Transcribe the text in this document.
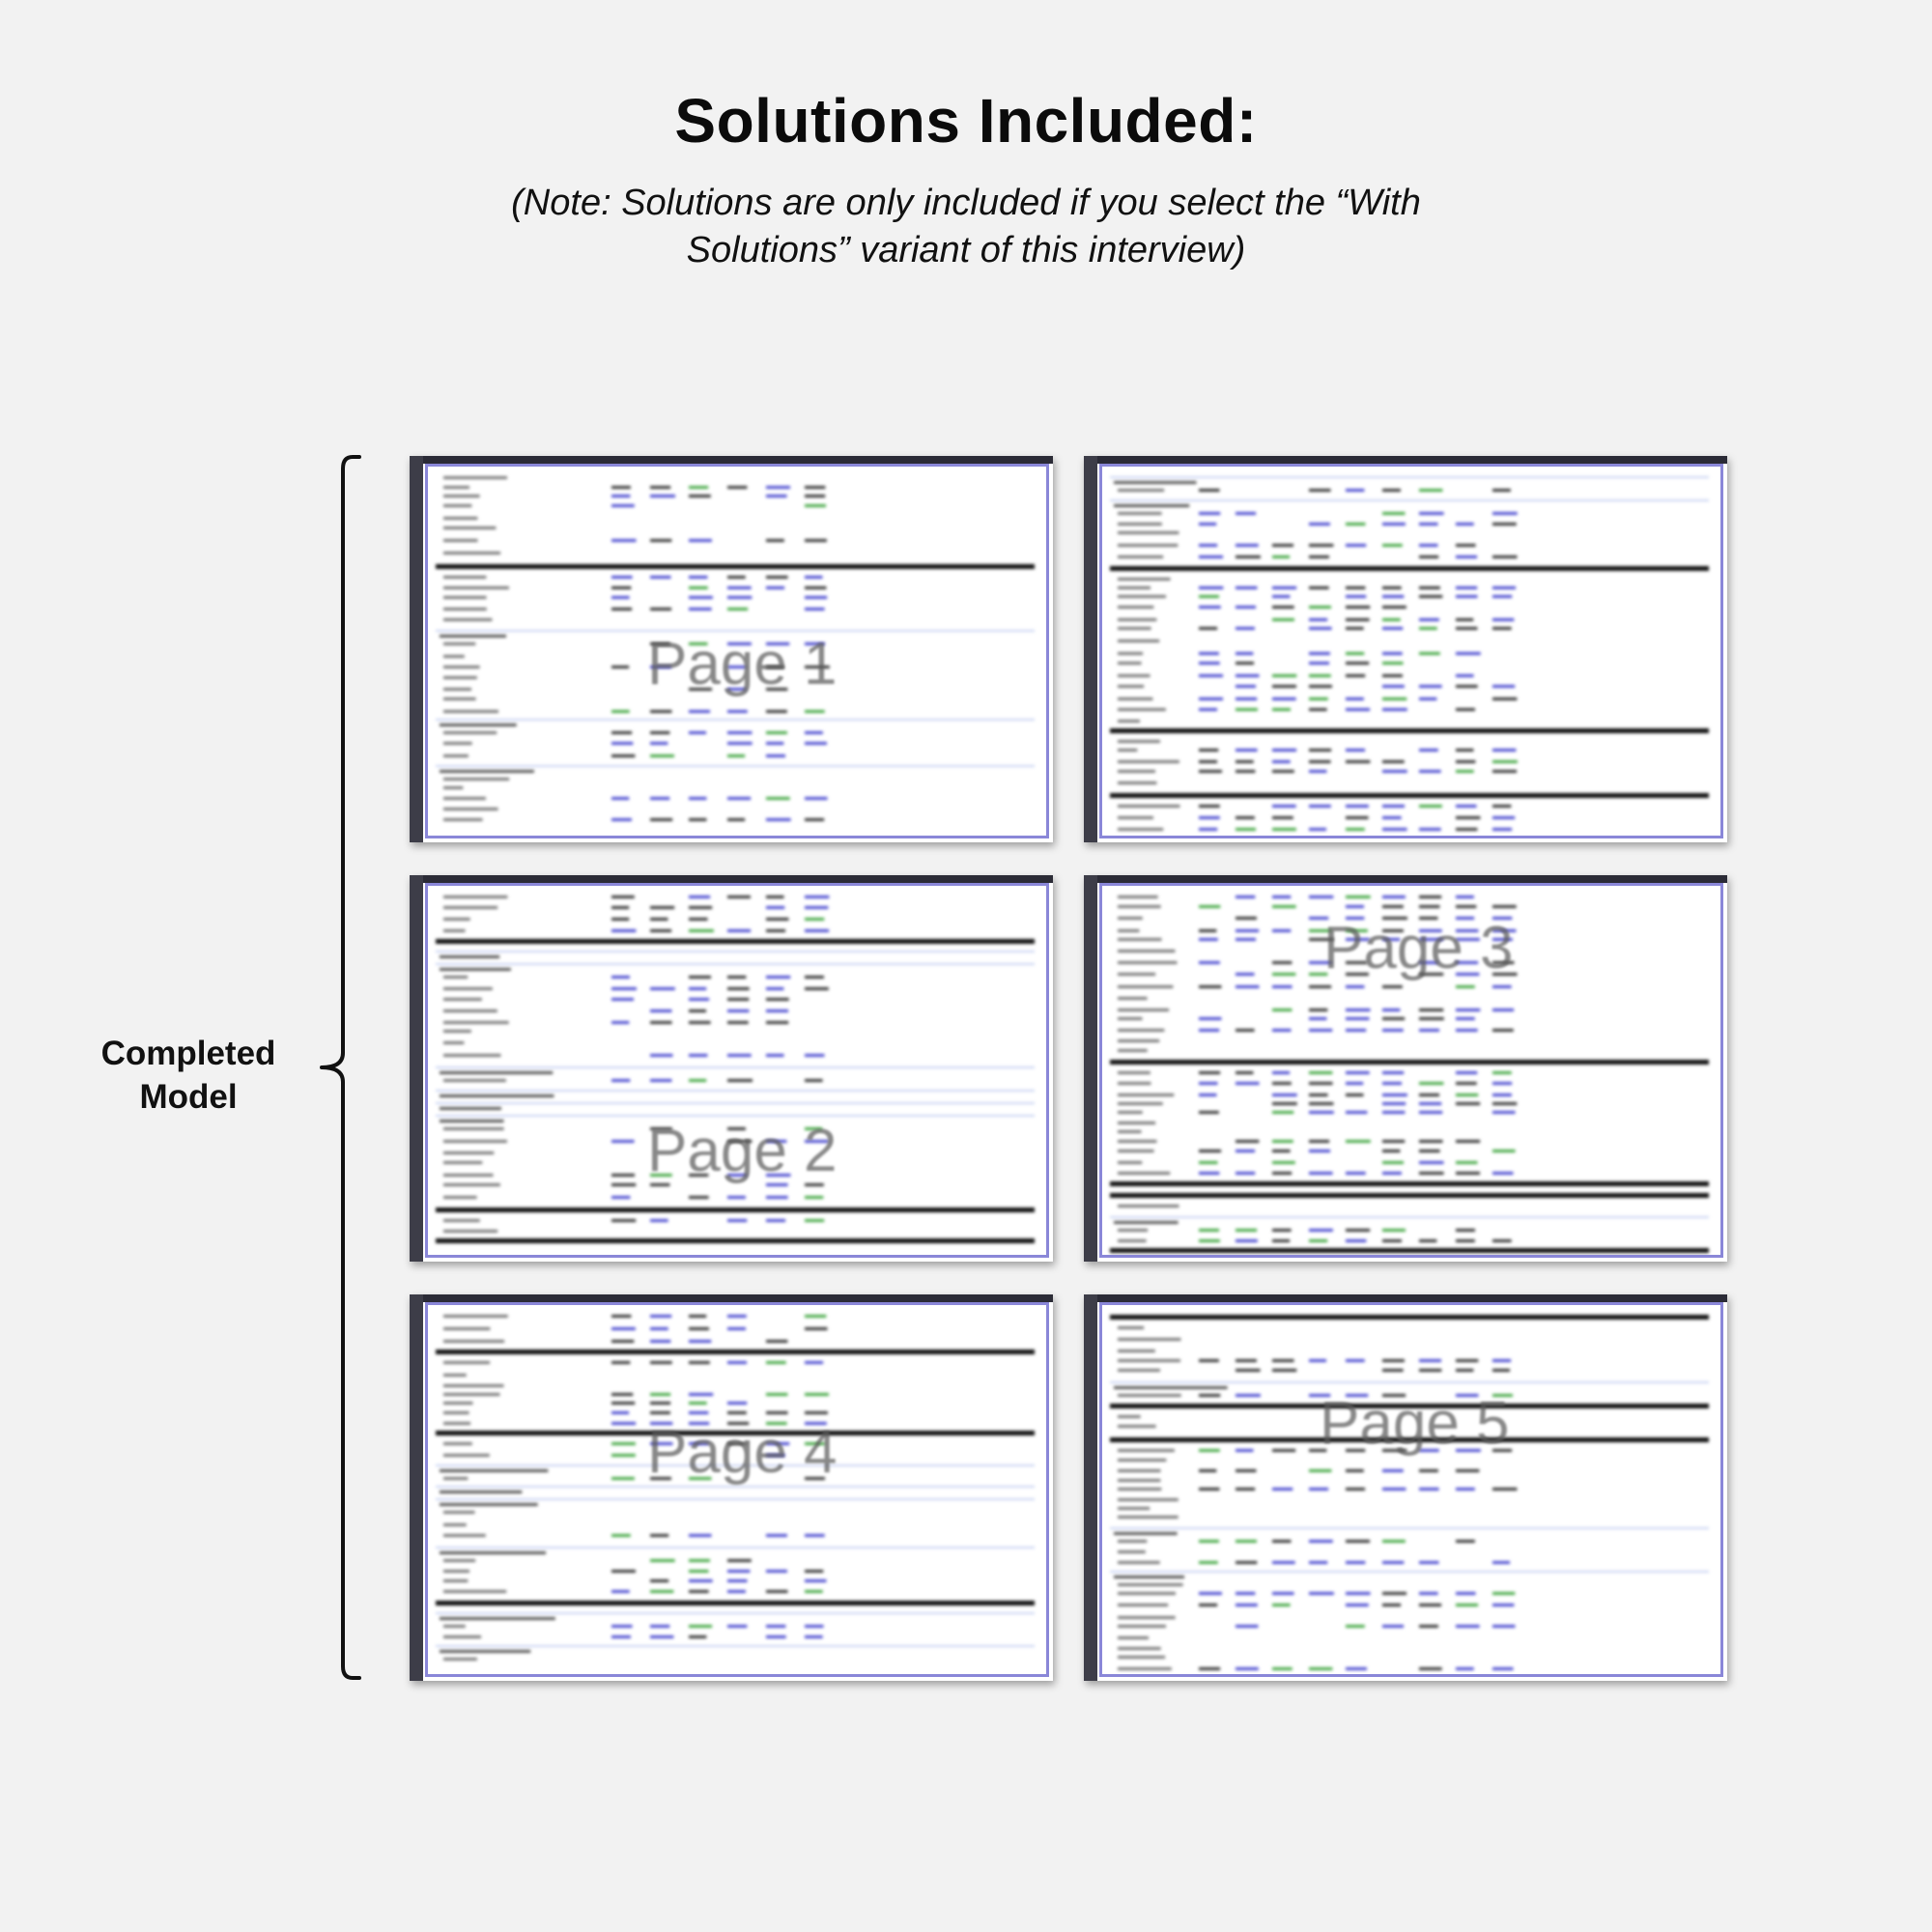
Solutions Included:
(Note: Solutions are only included if you select the “With
Solutions” variant of this interview)
Completed
Model
Page 1
Page 2
Page 3
Page 4	Page 5
